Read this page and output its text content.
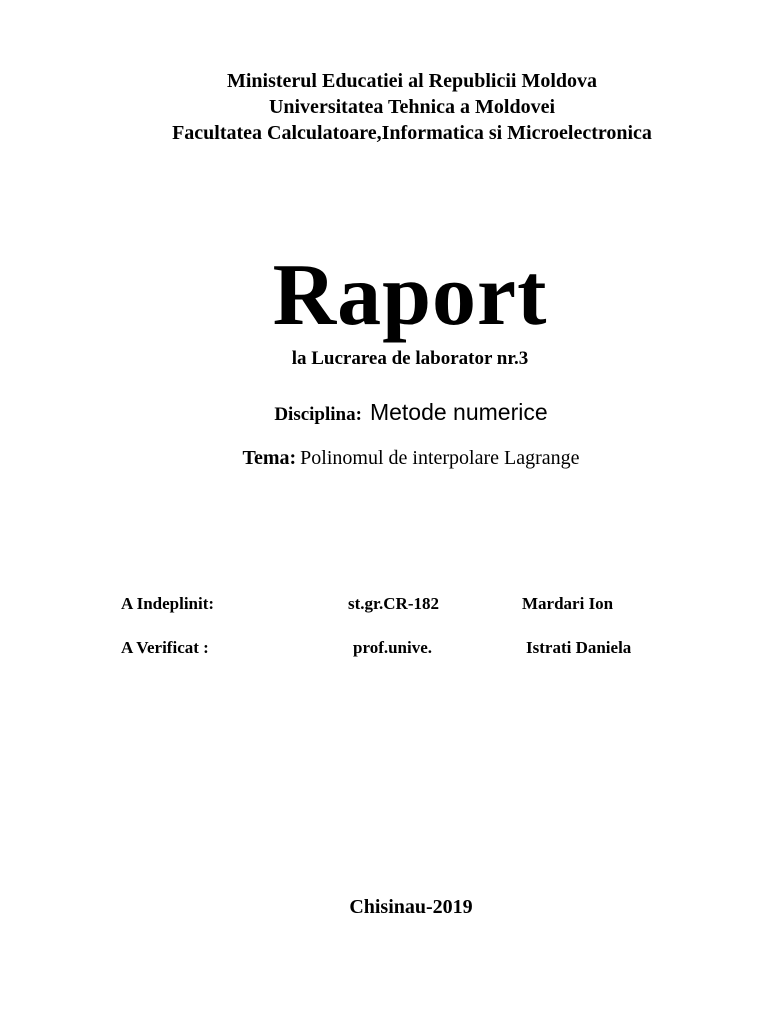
Ministerul Educatiei al Republicii Moldova
Universitatea Tehnica a Moldovei
Facultatea Calculatoare,Informatica si Microelectronica
Raport
la Lucrarea de laborator nr.3
Disciplina: Metode numerice
Tema: Polinomul de interpolare Lagrange
A Indeplinit:	st.gr.CR-182	Mardari Ion
A Verificat :	prof.unive.	Istrati Daniela
Chisinau-2019
